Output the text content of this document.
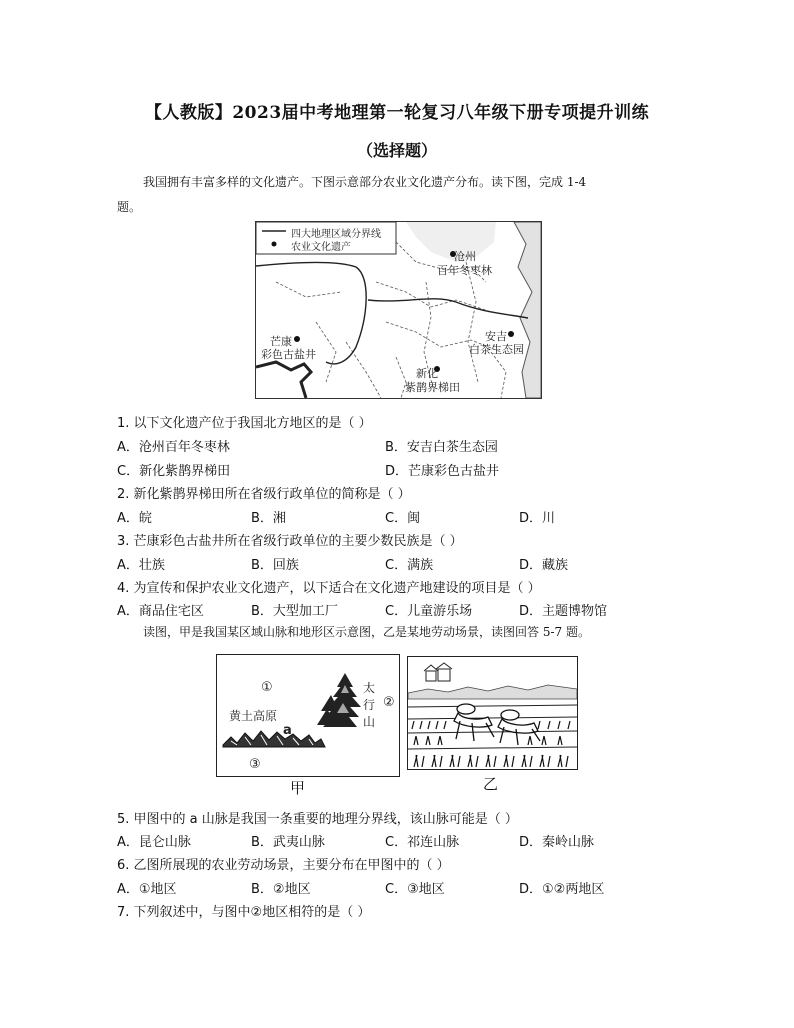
【人教版】2023届中考地理第一轮复习八年级下册专项提升训练
（选择题）
我国拥有丰富多样的文化遗产。下图示意部分农业文化遗产分布。读下图，完成 1-4
题。
四大地理区域分界线
农业文化遗产
沧州
百年冬枣林
安吉
白茶生态园
芒康
彩色古盐井
新化
紫鹊界梯田
1. 以下文化遗产位于我国北方地区的是（ ）
A．沧州百年冬枣林	B．安吉白茶生态园
C．新化紫鹊界梯田	D．芒康彩色古盐井
2. 新化紫鹊界梯田所在省级行政单位的简称是（ ）
A．皖	B．湘	C．闽	D．川
3. 芒康彩色古盐井所在省级行政单位的主要少数民族是（ ）
A．壮族	B．回族	C．满族	D．藏族
4. 为宣传和保护农业文化遗产，以下适合在文化遗产地建设的项目是（ ）
A．商品住宅区	B．大型加工厂	C．儿童游乐场	D．主题博物馆
读图，甲是我国某区域山脉和地形区示意图，乙是某地劳动场景，读图回答 5-7 题。
①
②
③
黄土高原
a
太
行
山
甲	乙
5. 甲图中的 a 山脉是我国一条重要的地理分界线，该山脉可能是（ ）
A．昆仑山脉	B．武夷山脉	C．祁连山脉	D．秦岭山脉
6. 乙图所展现的农业劳动场景，主要分布在甲图中的（ ）
A．①地区	B．②地区	C．③地区	D．①②两地区
7. 下列叙述中，与图中②地区相符的是（ ）
